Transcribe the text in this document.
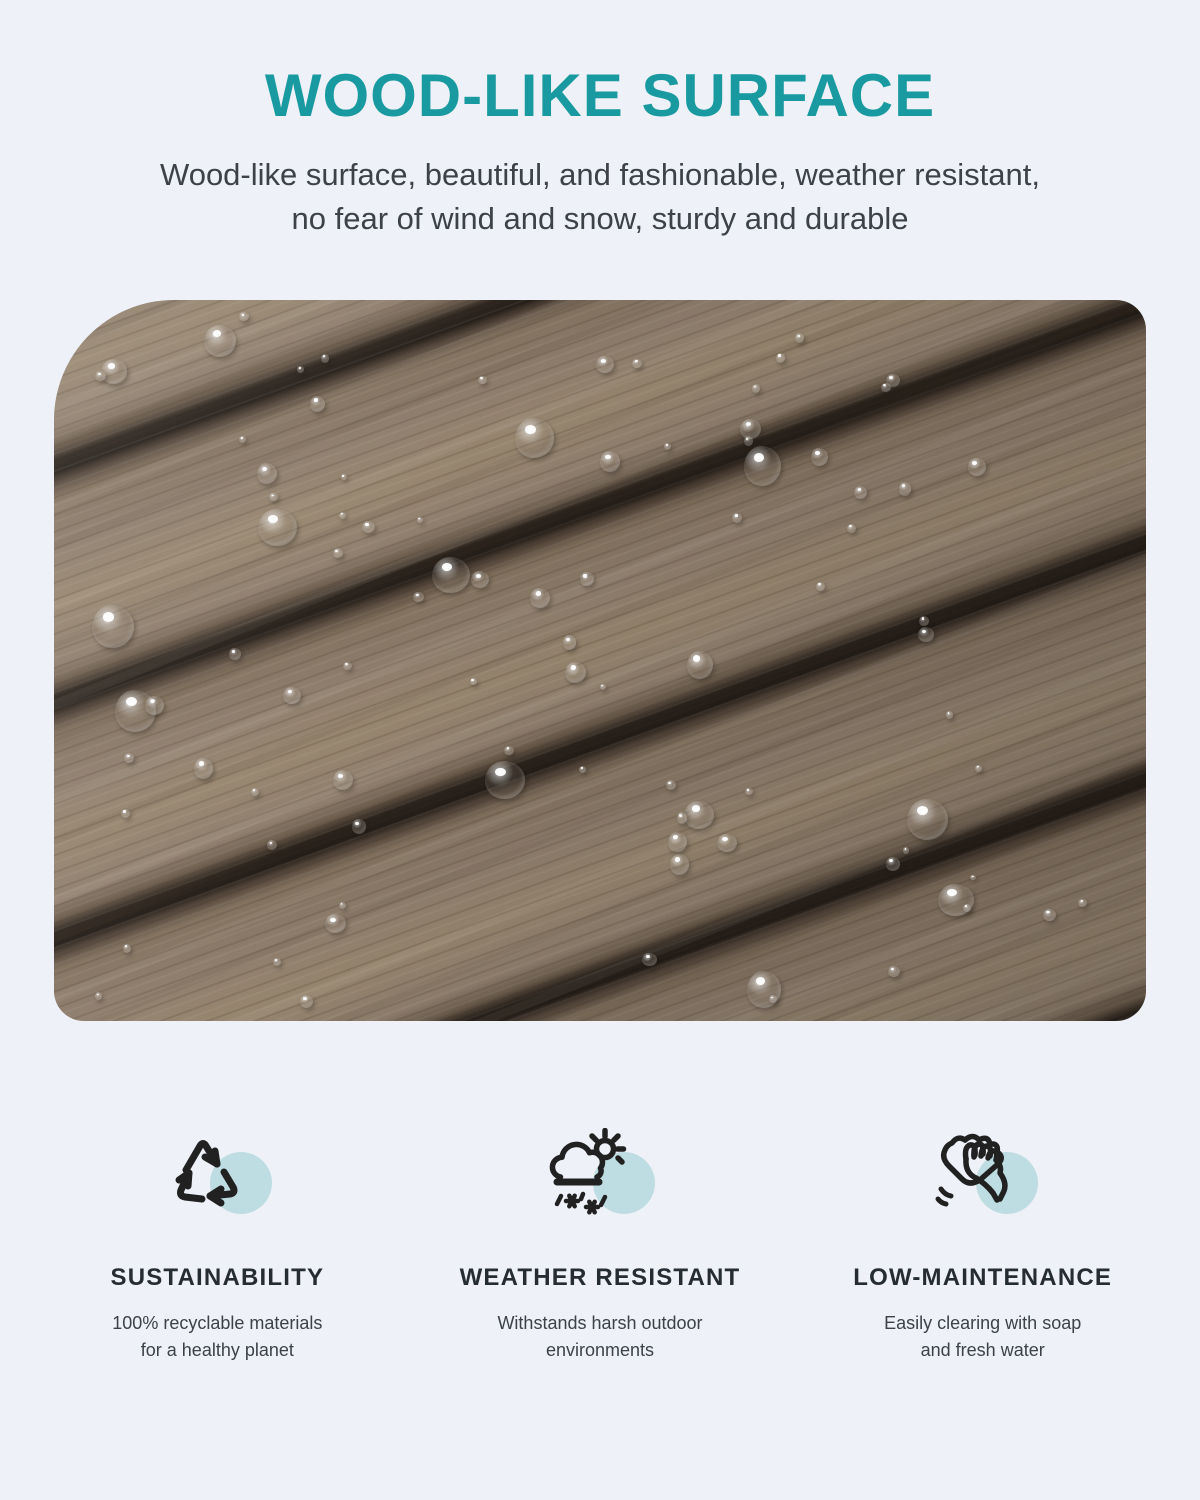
WOOD-LIKE SURFACE

Wood-like surface, beautiful, and fashionable, weather resistant,
no fear of wind and snow, sturdy and durable

SUSTAINABILITY

100% recyclable materials
for a healthy planet

WEATHER RESISTANT

Withstands harsh outdoor
environments

LOW-MAINTENANCE

Easily clearing with soap
and fresh water
